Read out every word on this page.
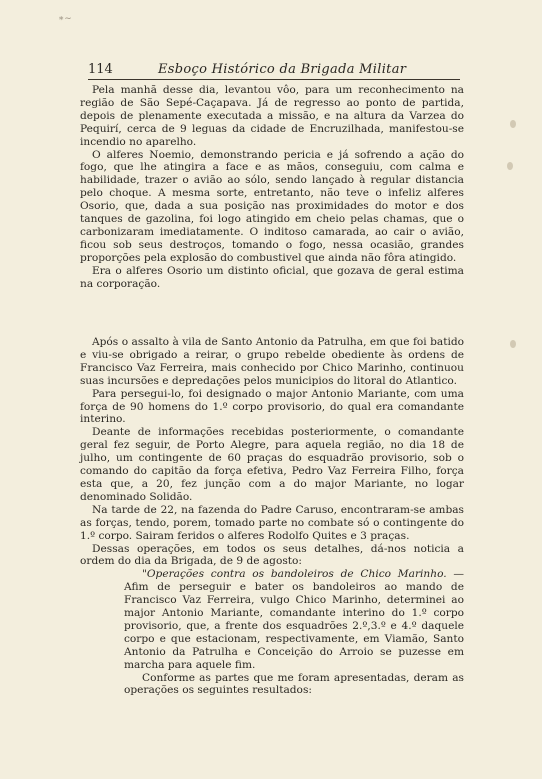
∗∼
114	Esboço Histórico da Brigada Militar

Pela manhã desse dia, levantou vôo, para um reconhecimento na região de São Sepé-Caçapava. Já de regresso ao ponto de partida, depois de plenamente executada a missão, e na altura da Varzea do Pequirí, cerca de 9 leguas da cidade de Encruzilhada, manifestou-se incendio no aparelho.

O alferes Noemio, demonstrando pericia e já sofrendo a ação do fogo, que lhe atingira a face e as mãos, conseguiu, com calma e habilidade, trazer o avião ao sólo, sendo lançado à regular distancia pelo choque. A mesma sorte, entretanto, não teve o infeliz alferes Osorio, que, dada a sua posição nas proximidades do motor e dos tanques de gazolina, foi logo atingido em cheio pelas chamas, que o carbonizaram imediatamente. O inditoso camarada, ao cair o avião, ficou sob seus destroços, tomando o fogo, nessa ocasião, grandes proporções pela explosão do combustivel que ainda não fôra atingido.

Era o alferes Osorio um distinto oficial, que gozava de geral estima na corporação.

Após o assalto à vila de Santo Antonio da Patrulha, em que foi batido e viu-se obrigado a reirar, o grupo rebelde obediente às ordens de Francisco Vaz Ferreira, mais conhecido por Chico Marinho, continuou suas incursões e depredações pelos municipios do litoral do Atlantico.

Para persegui-lo, foi designado o major Antonio Mariante, com uma força de 90 homens do 1.º corpo provisorio, do qual era comandante interino.

Deante de informações recebidas posteriormente, o comandante geral fez seguir, de Porto Alegre, para aquela região, no dia 18 de julho, um contingente de 60 praças do esquadrão provisorio, sob o comando do capitão da força efetiva, Pedro Vaz Ferreira Filho, força esta que, a 20, fez junção com a do major Mariante, no logar denominado Solidão.

Na tarde de 22, na fazenda do Padre Caruso, encontraram-se ambas as forças, tendo, porem, tomado parte no combate só o contingente do 1.º corpo. Sairam feridos o alferes Rodolfo Quites e 3 praças.

Dessas operações, em todos os seus detalhes, dá-nos noticia a ordem do dia da Brigada, de 9 de agosto:

"Operações contra os bandoleiros de Chico Marinho. — Afim de perseguir e bater os bandoleiros ao mando de Francisco Vaz Ferreira, vulgo Chico Marinho, determinei ao major Antonio Mariante, comandante interino do 1.º corpo provisorio, que, a frente dos esquadrões 2.º,3.º e 4.º daquele corpo e que estacionam, respectivamente, em Viamão, Santo Antonio da Patrulha e Conceição do Arroio se puzesse em marcha para aquele fim.

Conforme as partes que me foram apresentadas, deram as operações os seguintes resultados:
